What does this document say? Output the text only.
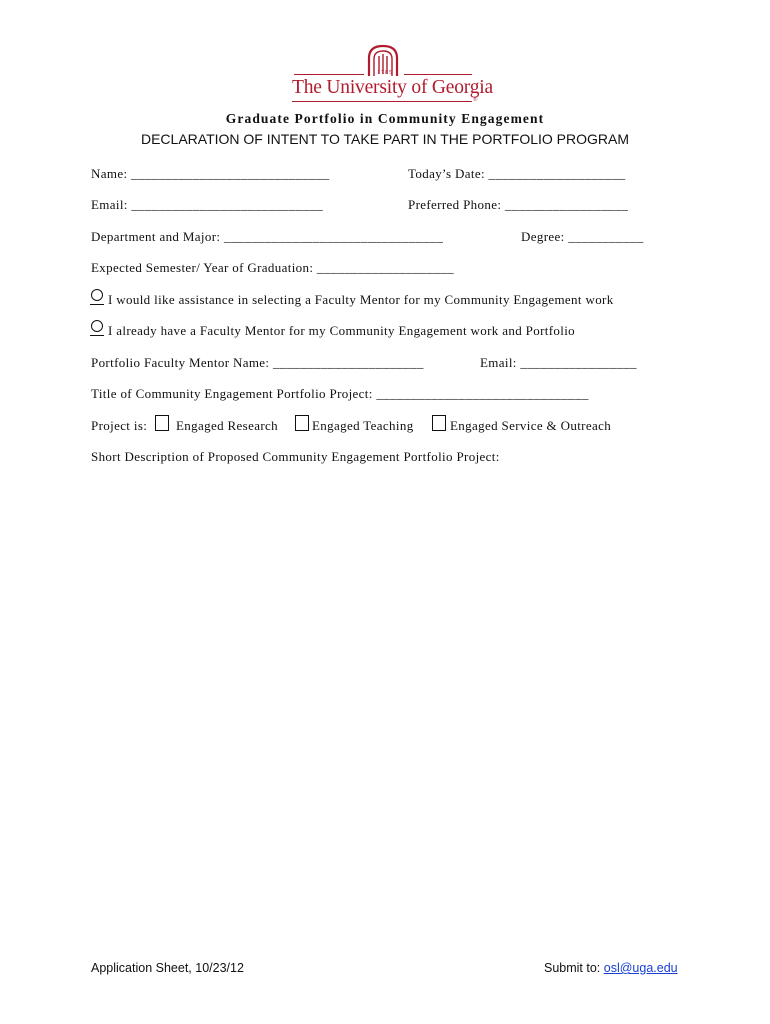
1785
The University of Georgia
®
Graduate Portfolio in Community Engagement
DECLARATION OF INTENT TO TAKE PART IN THE PORTFOLIO PROGRAM
Name: _____________________________	Today’s Date: ____________________
Email: ____________________________	Preferred Phone: __________________
Department and Major: ________________________________	Degree: ___________
Expected Semester/ Year of Graduation: ____________________
I would like assistance in selecting a Faculty Mentor for my Community Engagement work
I already have a Faculty Mentor for my Community Engagement work and Portfolio
Portfolio Faculty Mentor Name: ______________________	Email: _________________
Title of Community Engagement Portfolio Project: _______________________________
Project is: Engaged Research	Engaged Teaching	Engaged Service & Outreach
Short Description of Proposed Community Engagement Portfolio Project:
Application Sheet, 10/23/12	Submit to: osl@uga.edu
